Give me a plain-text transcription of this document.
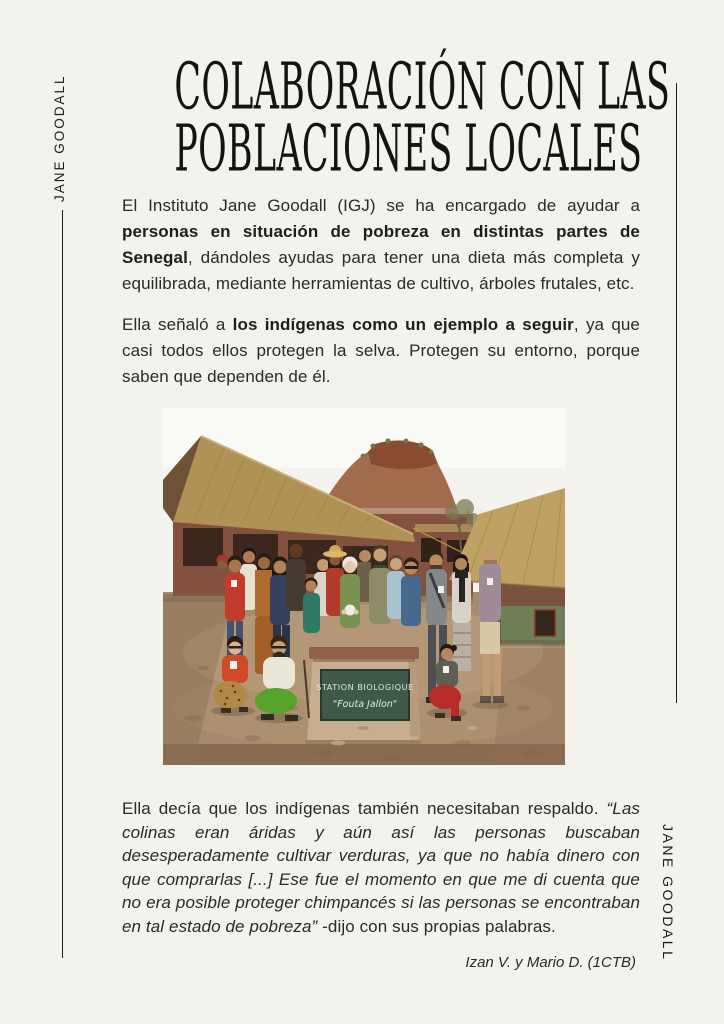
JANE GOODALL
JANE GOODALL
COLABORACIÓN CON LAS
POBLACIONES LOCALES

El Instituto Jane Goodall (IGJ) se ha encargado de ayudar a personas en situación de pobreza en distintas partes de Senegal, dándoles ayudas para tener una dieta más completa y equilibrada, mediante herramientas de cultivo, árboles frutales, etc.

Ella señaló a los indígenas como un ejemplo a seguir, ya que casi todos ellos protegen la selva. Protegen su entorno, porque saben que dependen de él.

STATION BIOLOGIQUE
"Fouta Jallon"

Ella decía que los indígenas también necesitaban respaldo. “Las colinas eran áridas y aún así las personas buscaban desesperadamente cultivar verduras, ya que no había dinero con que comprarlas [...] Ese fue el momento en que me di cuenta que no era posible proteger chimpancés si las personas se encontraban en tal estado de pobreza” -dijo con sus propias palabras.

Izan V. y Mario D. (1CTB)
